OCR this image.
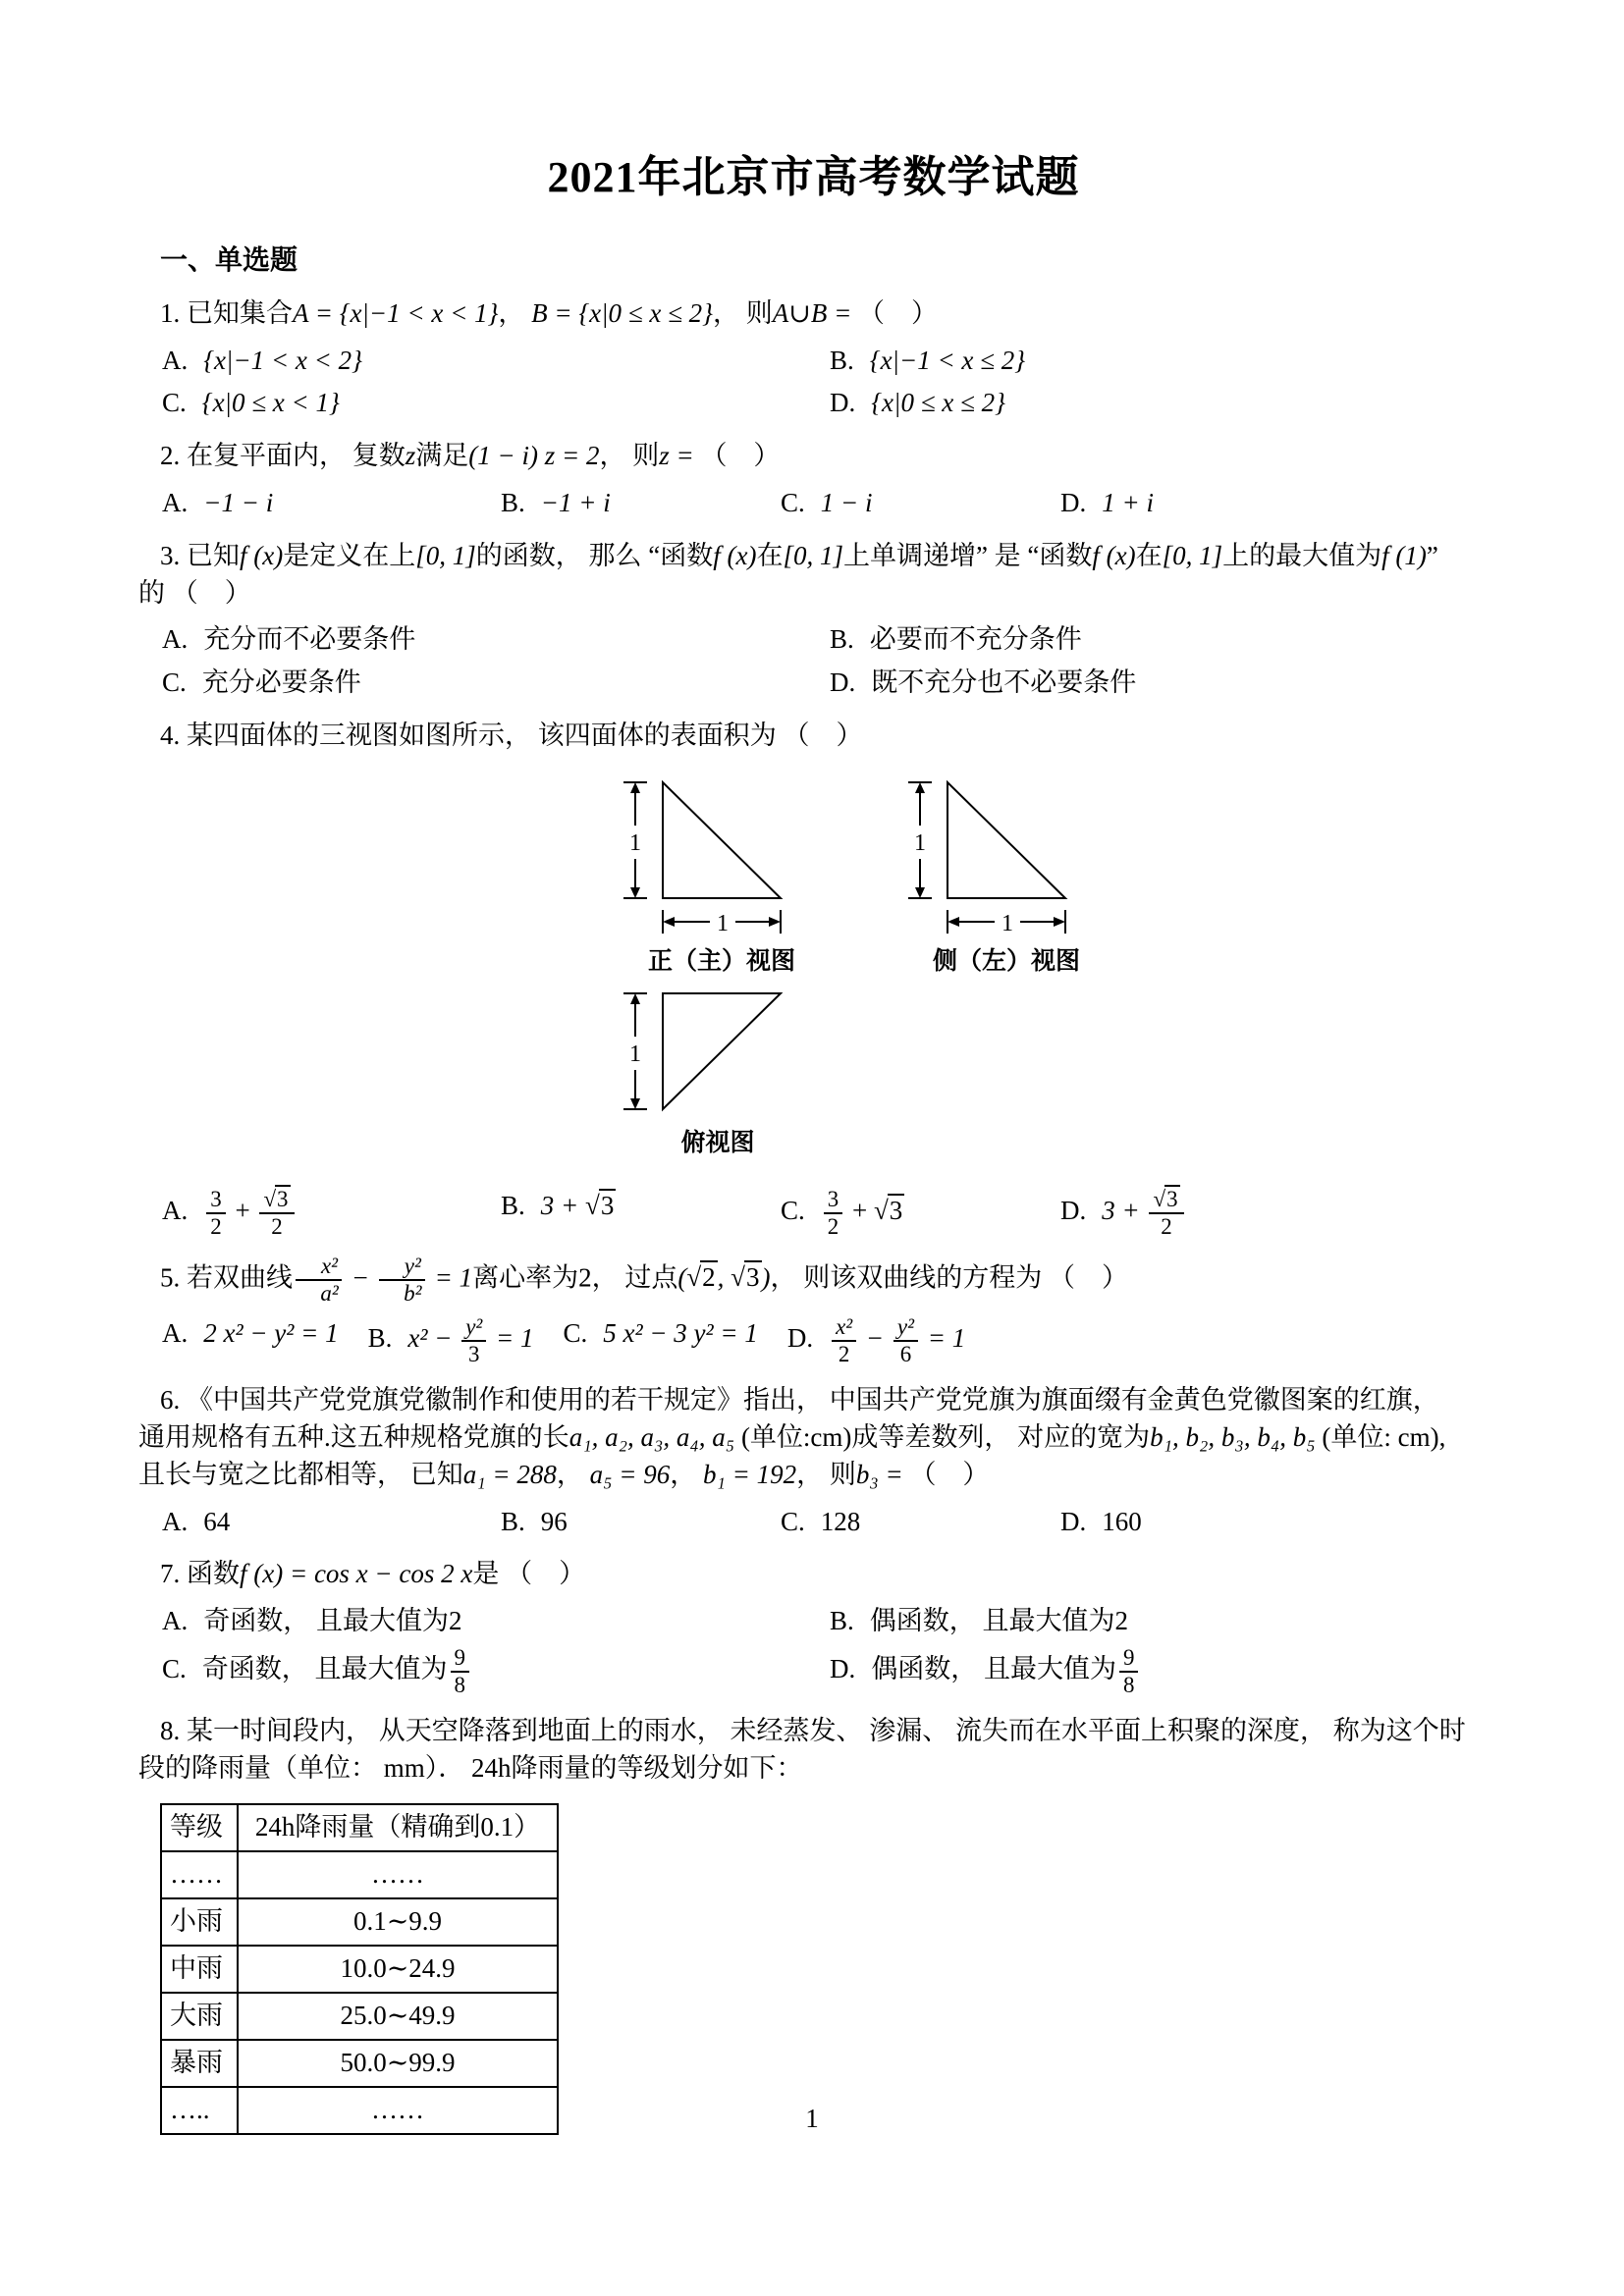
2021年北京市高考数学试题
一、单选题

1. 已知集合A = {x|−1 < x < 1}， B = {x|0 ≤ x ≤ 2}， 则A∪B = （　）

A. {x|−1 < x < 2}	B. {x|−1 < x ≤ 2}
C. {x|0 ≤ x < 1}	D. {x|0 ≤ x ≤ 2}

2. 在复平面内， 复数z满足(1 − i) z = 2， 则z = （　）

A. −1 − i	B. −1 + i	C. 1 − i	D. 1 + i

3. 已知f (x)是定义在上[0, 1]的函数， 那么 “函数f (x)在[0, 1]上单调递增” 是 “函数f (x)在[0, 1]上的最大值为f (1)” 的 （　）

A. 充分而不必要条件	B. 必要而不充分条件
C. 充分必要条件	D. 既不充分也不必要条件

4. 某四面体的三视图如图所示， 该四面体的表面积为 （　）

1
1
正（主）视图
1
1
侧（左）视图
1
俯视图
A. $\frac{3}{2} + \frac{√3}{2}$	B. 3 + √3	C. $\frac{3}{2} + √3$	D. $3 + \frac{√3}{2}$

5. 若双曲线 $\frac{\text{x²}}{\text{a²}} - \frac{\text{y²}}{\text{b²}} = 1$离心率为2， 过点(√2, √3)， 则该双曲线的方程为 （　）

A. 2 x² − y² = 1 B. $x^2 - \frac{\text{y²}}{3} = 1$ C. 5 x² − 3 y² = 1 D. $\frac{\text{x²}}{2} - \frac{\text{y²}}{6} = 1$

6. 《中国共产党党旗党徽制作和使用的若干规定》指出， 中国共产党党旗为旗面缀有金黄色党徽图案的红旗， 通用规格有五种.这五种规格党旗的长a₁, a₂, a₃, a₄, a₅ (单位:cm)成等差数列， 对应的宽为b₁, b₂, b₃, b₄, b₅ (单位: cm), 且长与宽之比都相等， 已知a₁ = 288， a₅ = 96， b₁ = 192， 则b₃ = （　）

A. 64	B. 96	C. 128	D. 160

7. 函数f (x) = cos x − cos 2 x是 （　）

A. 奇函数， 且最大值为2	B. 偶函数， 且最大值为2
C. 奇函数， 且最大值为 $\frac{9}{8}$	D. 偶函数， 且最大值为 $\frac{9}{8}$

8. 某一时间段内， 从天空降落到地面上的雨水， 未经蒸发、 渗漏、 流失而在水平面上积聚的深度， 称为这个时段的降雨量（单位： mm）． 24h降雨量的等级划分如下：

等级	24h降雨量（精确到0.1）
……	……
小雨	0.1∼9.9
中雨	10.0∼24.9
大雨	25.0∼49.9
暴雨	50.0∼99.9
…..	……	1
